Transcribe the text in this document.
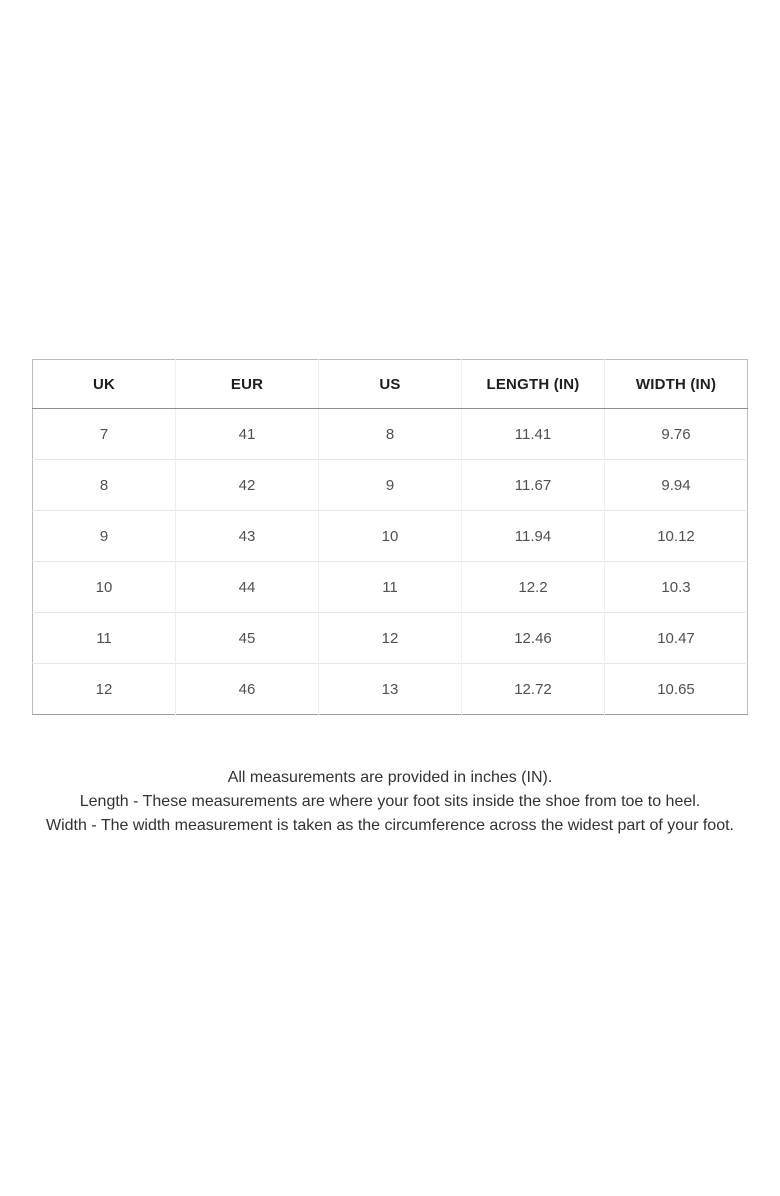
UK	EUR	US	LENGTH (IN)	WIDTH (IN)
7	41	8	11.41	9.76
8	42	9	11.67	9.94
9	43	10	11.94	10.12
10	44	11	12.2	10.3
11	45	12	12.46	10.47
12	46	13	12.72	10.65

All measurements are provided in inches (IN).

Length - These measurements are where your foot sits inside the shoe from toe to heel.

Width - The width measurement is taken as the circumference across the widest part of your foot.
